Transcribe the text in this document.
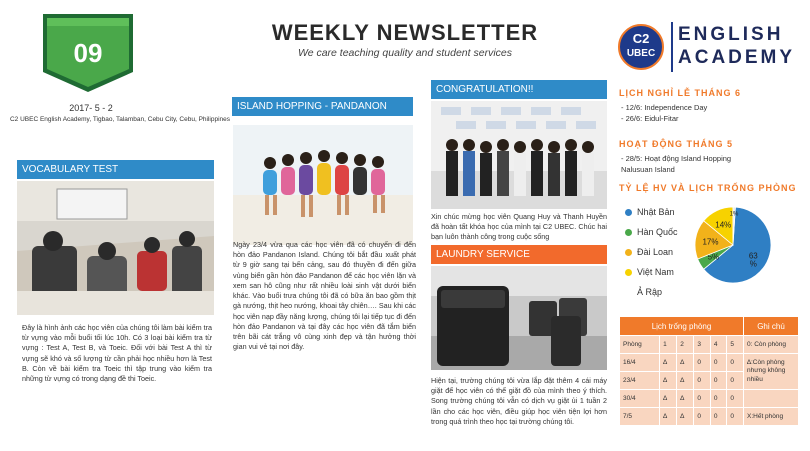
09
2017- 5 - 2
C2 UBEC English Academy, Tigbao, Talamban, Cebu City, Cebu, Philippines
WEEKLY NEWSLETTER
We care teaching quality and student services
C2
UBEC
ENGLISH
ACADEMY
VOCABULARY TEST
Đây là hình ảnh các học viên của chúng tôi làm bài kiểm tra từ vựng vào mỗi buổi tối lúc 10h. Có 3 loại bài kiểm tra từ vựng : Test A, Test B, và Toeic. Đối với bài Test A thì từ vựng sẽ khó và số lượng từ cần phải học nhiều hơn là Test B. Còn về bài kiểm tra Toeic thì tập trung vào kiểm tra những từ vựng có trong dạng đề thi Toeic.
ISLAND HOPPING - PANDANON
Ngày 23/4 vừa qua các học viên đã có chuyến đi đến hòn đảo Pandanon Island. Chúng tôi bắt đầu xuất phát từ 9 giờ sang tại bến cảng, sau đó thuyền đi đến giữa vùng biển gần hòn đảo Pandanon để các học viên lặn và xem san hô cũng như rất nhiều loài sinh vật dưới biển khác. Vào buổi trưa chúng tôi đã có bữa ăn bao gồm thịt gà nướng, thịt heo nướng, khoai tây chiên…. Sau khi các học viên nạp đầy năng lượng, chúng tôi lại tiếp tục đi đến hòn đảo Pandanon và tại đây các học viên đã tắm biển trên bãi cát trắng vô cùng xinh đẹp và tận hưởng thời gian vui vẻ tại nơi đây.
CONGRATULATION!!
Xin chúc mừng học viên Quang Huy và Thanh Huyền đã hoàn tất khóa học của mình tại C2 UBEC. Chúc hai bạn luôn thành công trong cuộc sống
LAUNDRY SERVICE
Hiện tại, trường chúng tôi vừa lắp đặt thêm 4 cái máy giặt để học viên có thể giặt đồ của mình theo ý thích. Song trường chúng tôi vẫn có dịch vụ giặt ủi 1 tuần 2 lần cho các học viên, điều giúp học viên tiện lợi hơn trong quá trình theo học tại trường chúng tôi.
LỊCH NGHỈ LỄ THÁNG 6
- 12/6: Independence Day
- 26/6: Eidul-Fitar
HOẠT ĐỘNG THÁNG 5
- 28/5: Hoạt động Island Hopping
Nalusuan Island
TỶ LỆ HV VÀ LỊCH TRỐNG PHÒNG
Nhật Bản
Hàn Quốc
Đài Loan
Việt Nam
Ả Rập
63 %
5%
17%
14%
1%
Lịch trống phòng						Ghi chú
Phòng	1	2	3	4	5	0: Còn phòng
16/4	∆	∆	0	0	0	∆:Còn phòng nhưng không nhiều
23/4	∆	∆	0	0	0	
30/4	∆	∆	0	0	0	
7/5	∆	∆	0	0	0	X:Hết phòng
